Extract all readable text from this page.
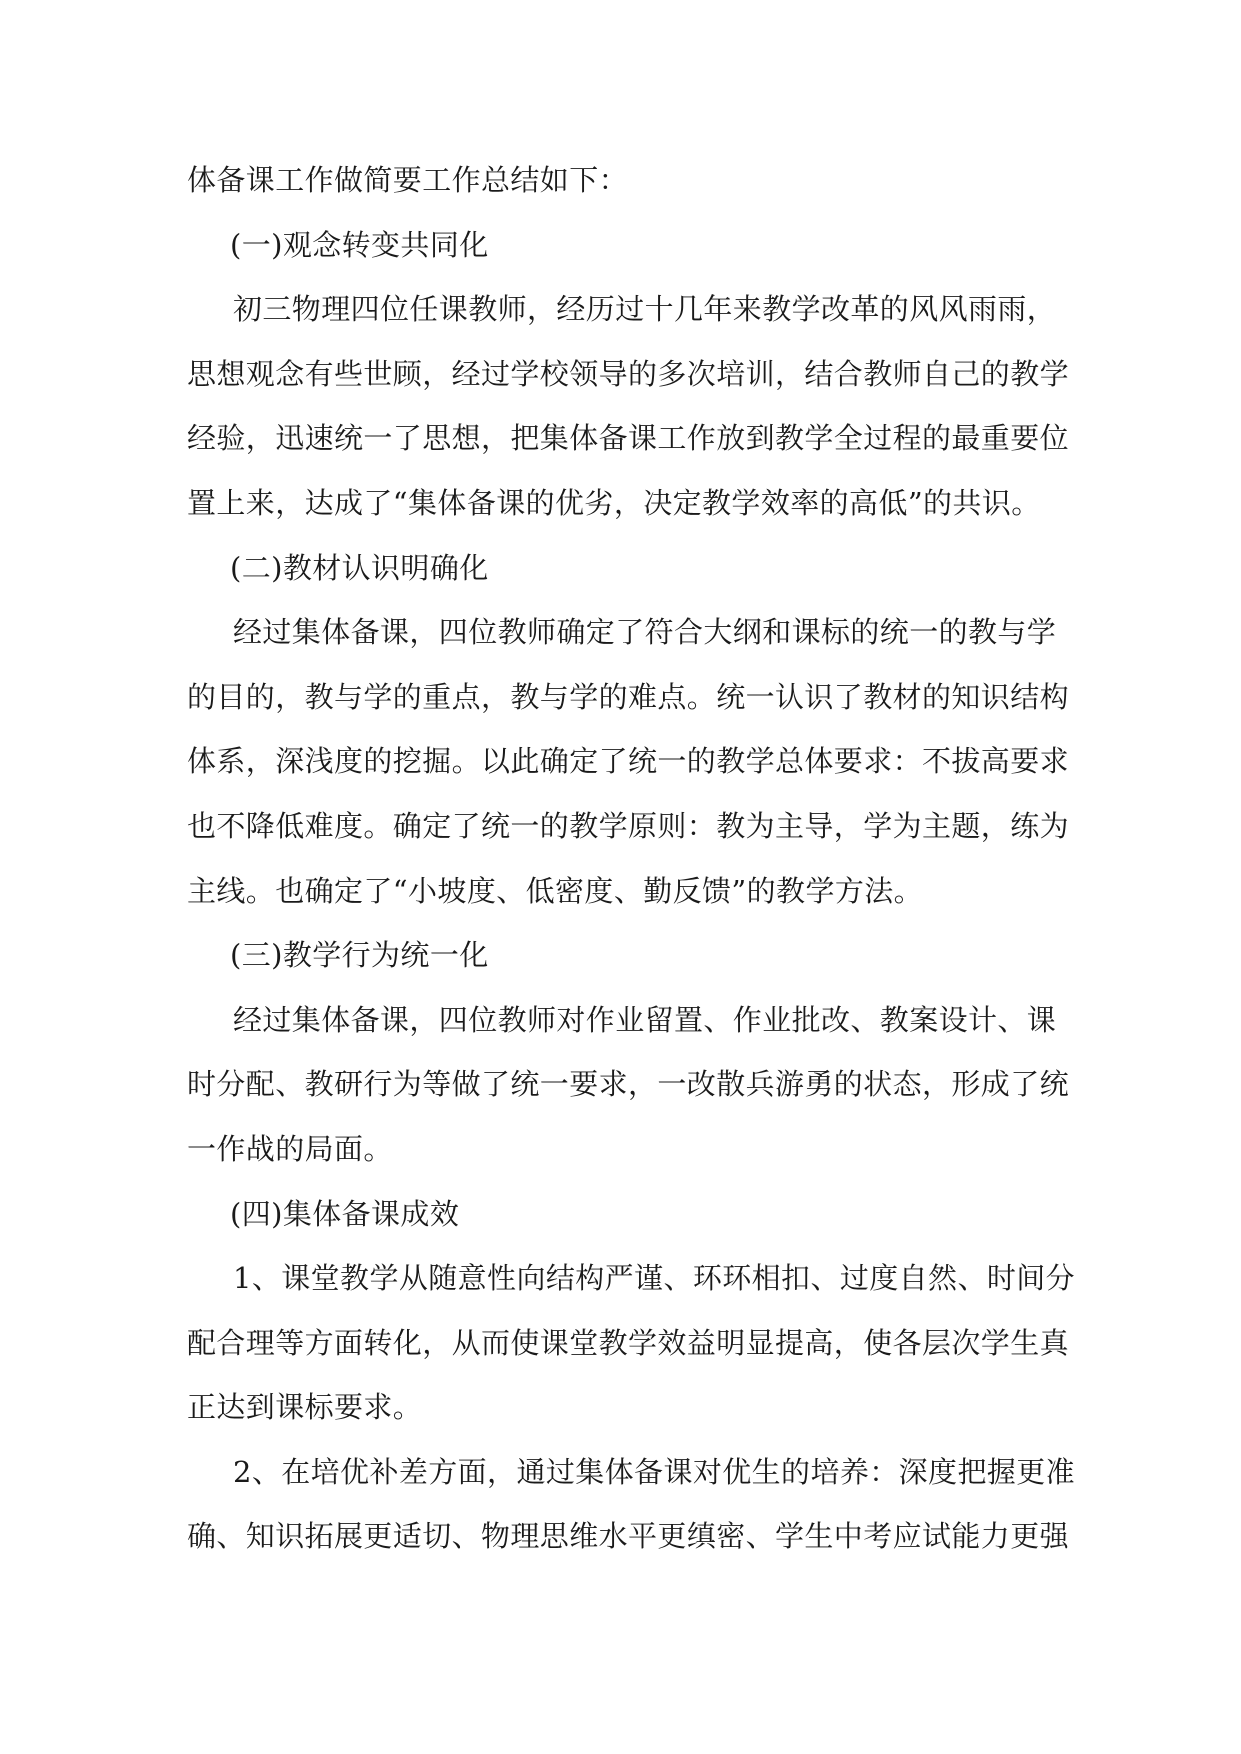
体备课工作做简要工作总结如下：
(一)观念转变共同化
初三物理四位任课教师，经历过十几年来教学改革的风风雨雨，
思想观念有些世顾，经过学校领导的多次培训，结合教师自己的教学
经验，迅速统一了思想，把集体备课工作放到教学全过程的最重要位
置上来，达成了“集体备课的优劣，决定教学效率的高低”的共识。
(二)教材认识明确化
经过集体备课，四位教师确定了符合大纲和课标的统一的教与学
的目的，教与学的重点，教与学的难点。统一认识了教材的知识结构
体系，深浅度的挖掘。以此确定了统一的教学总体要求：不拔高要求
也不降低难度。确定了统一的教学原则：教为主导，学为主题，练为
主线。也确定了“小坡度、低密度、勤反馈”的教学方法。
(三)教学行为统一化
经过集体备课，四位教师对作业留置、作业批改、教案设计、课
时分配、教研行为等做了统一要求，一改散兵游勇的状态，形成了统
一作战的局面。
(四)集体备课成效
1、课堂教学从随意性向结构严谨、环环相扣、过度自然、时间分
配合理等方面转化，从而使课堂教学效益明显提高，使各层次学生真
正达到课标要求。
2、在培优补差方面，通过集体备课对优生的培养：深度把握更准
确、知识拓展更适切、物理思维水平更缜密、学生中考应试能力更强
